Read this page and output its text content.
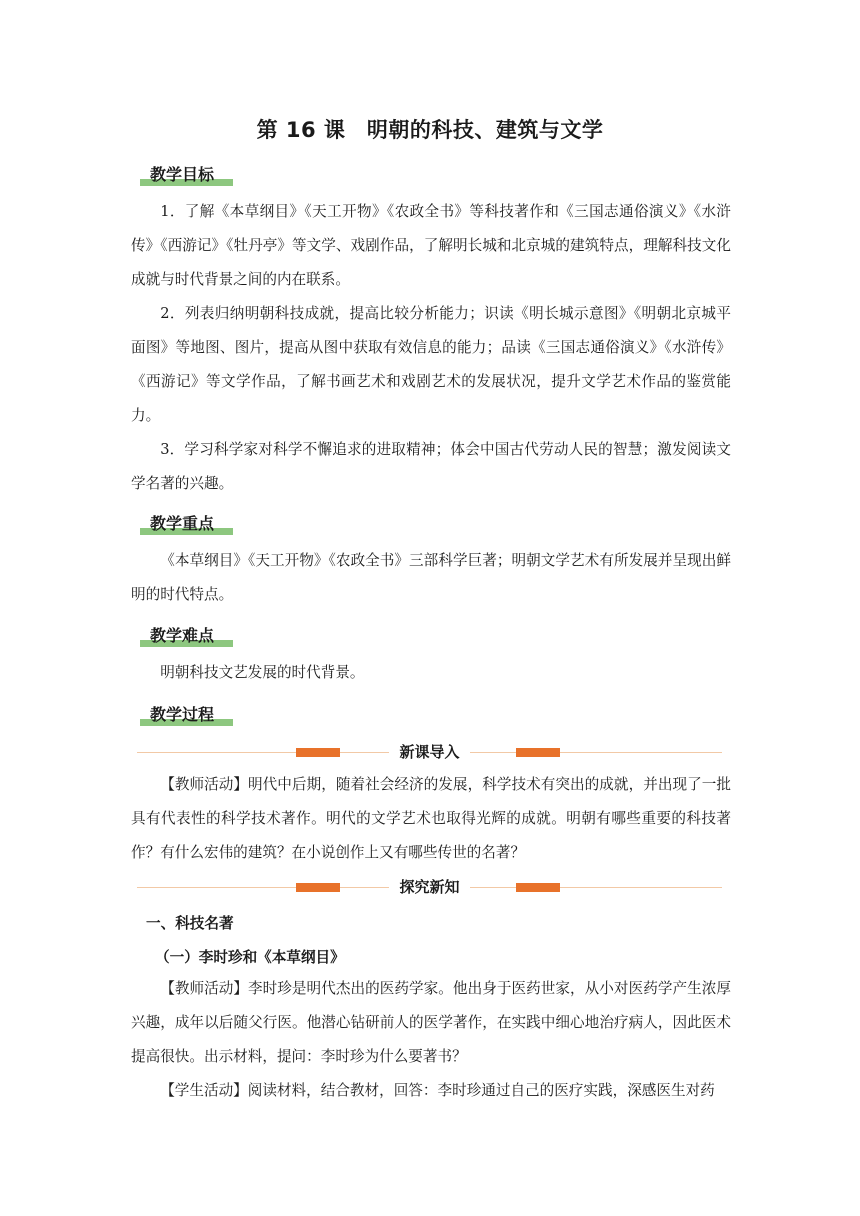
第 16 课　明朝的科技、建筑与文学
教学目标

1．了解《本草纲目》《天工开物》《农政全书》等科技著作和《三国志通俗演义》《水浒传》《西游记》《牡丹亭》等文学、戏剧作品，了解明长城和北京城的建筑特点，理解科技文化成就与时代背景之间的内在联系。

2．列表归纳明朝科技成就，提高比较分析能力；识读《明长城示意图》《明朝北京城平面图》等地图、图片，提高从图中获取有效信息的能力；品读《三国志通俗演义》《水浒传》《西游记》等文学作品，了解书画艺术和戏剧艺术的发展状况，提升文学艺术作品的鉴赏能力。

3．学习科学家对科学不懈追求的进取精神；体会中国古代劳动人民的智慧；激发阅读文学名著的兴趣。

教学重点

《本草纲目》《天工开物》《农政全书》三部科学巨著；明朝文学艺术有所发展并呈现出鲜明的时代特点。

教学难点

明朝科技文艺发展的时代背景。

教学过程
新课导入

【教师活动】明代中后期，随着社会经济的发展，科学技术有突出的成就，并出现了一批具有代表性的科学技术著作。明代的文学艺术也取得光辉的成就。明朝有哪些重要的科技著作？有什么宏伟的建筑？在小说创作上又有哪些传世的名著？

探究新知
一、科技名著
（一）李时珍和《本草纲目》

【教师活动】李时珍是明代杰出的医药学家。他出身于医药世家，从小对医药学产生浓厚兴趣，成年以后随父行医。他潜心钻研前人的医学著作，在实践中细心地治疗病人，因此医术提高很快。出示材料，提问：李时珍为什么要著书？

【学生活动】阅读材料，结合教材，回答：李时珍通过自己的医疗实践，深感医生对药
